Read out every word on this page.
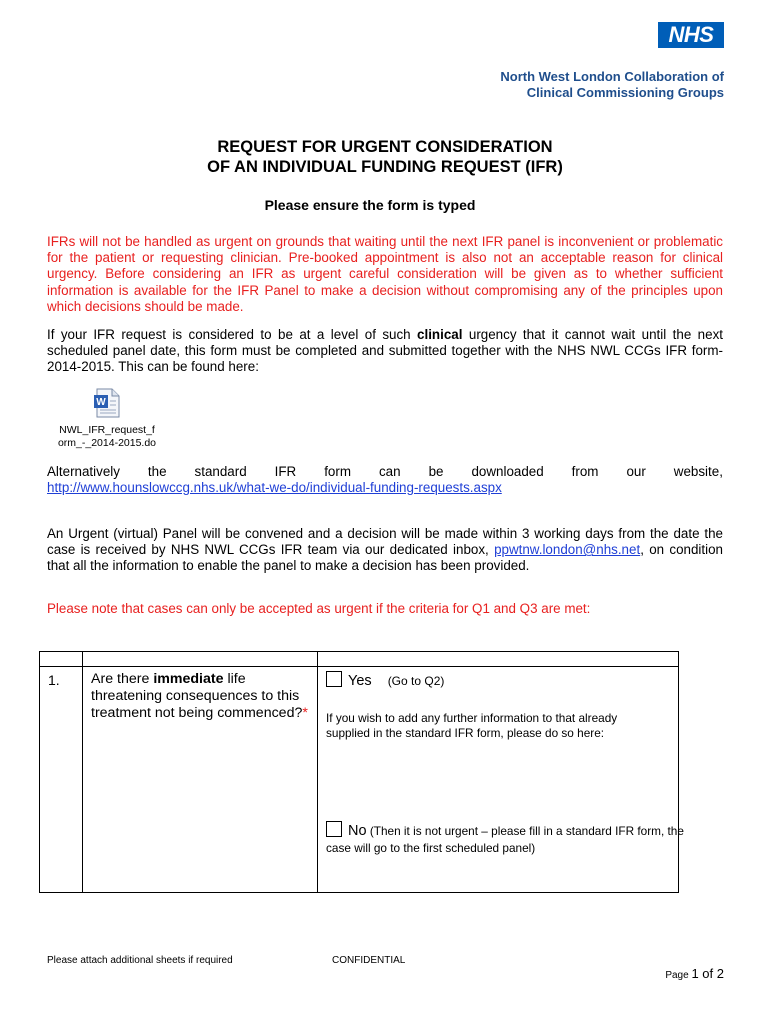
NHS
North West London Collaboration of
Clinical Commissioning Groups
REQUEST FOR URGENT CONSIDERATION
OF AN INDIVIDUAL FUNDING REQUEST (IFR)
Please ensure the form is typed
IFRs will not be handled as urgent on grounds that waiting until the next IFR panel is inconvenient or problematic for the patient or requesting clinician. Pre-booked appointment is also not an acceptable reason for clinical urgency. Before considering an IFR as urgent careful consideration will be given as to whether sufficient information is available for the IFR Panel to make a decision without compromising any of the principles upon which decisions should be made.
If your IFR request is considered to be at a level of such clinical urgency that it cannot wait until the next scheduled panel date, this form must be completed and submitted together with the NHS NWL CCGs IFR form-2014-2015. This can be found here:
W
NWL_IFR_request_f
orm_-_2014-2015.do
Alternatively the standard IFR form can be downloaded from our website,
http://www.hounslowccg.nhs.uk/what-we-do/individual-funding-requests.aspx
An Urgent (virtual) Panel will be convened and a decision will be made within 3 working days from the date the case is received by NHS NWL CCGs IFR team via our dedicated inbox, ppwtnw.london@nhs.net, on condition that all the information to enable the panel to make a decision has been provided.
Please note that cases can only be accepted as urgent if the criteria for Q1 and Q3 are met:

1.	Are there immediate life threatening consequences to this treatment not being commenced?*	Yes (Go to Q2)
If you wish to add any further information to that already supplied in the standard IFR form, please do so here:
No (Then it is not urgent – please fill in a standard IFR form, the case will go to the first scheduled panel)
Please attach additional sheets if required	CONFIDENTIAL
Page 1 of 2
